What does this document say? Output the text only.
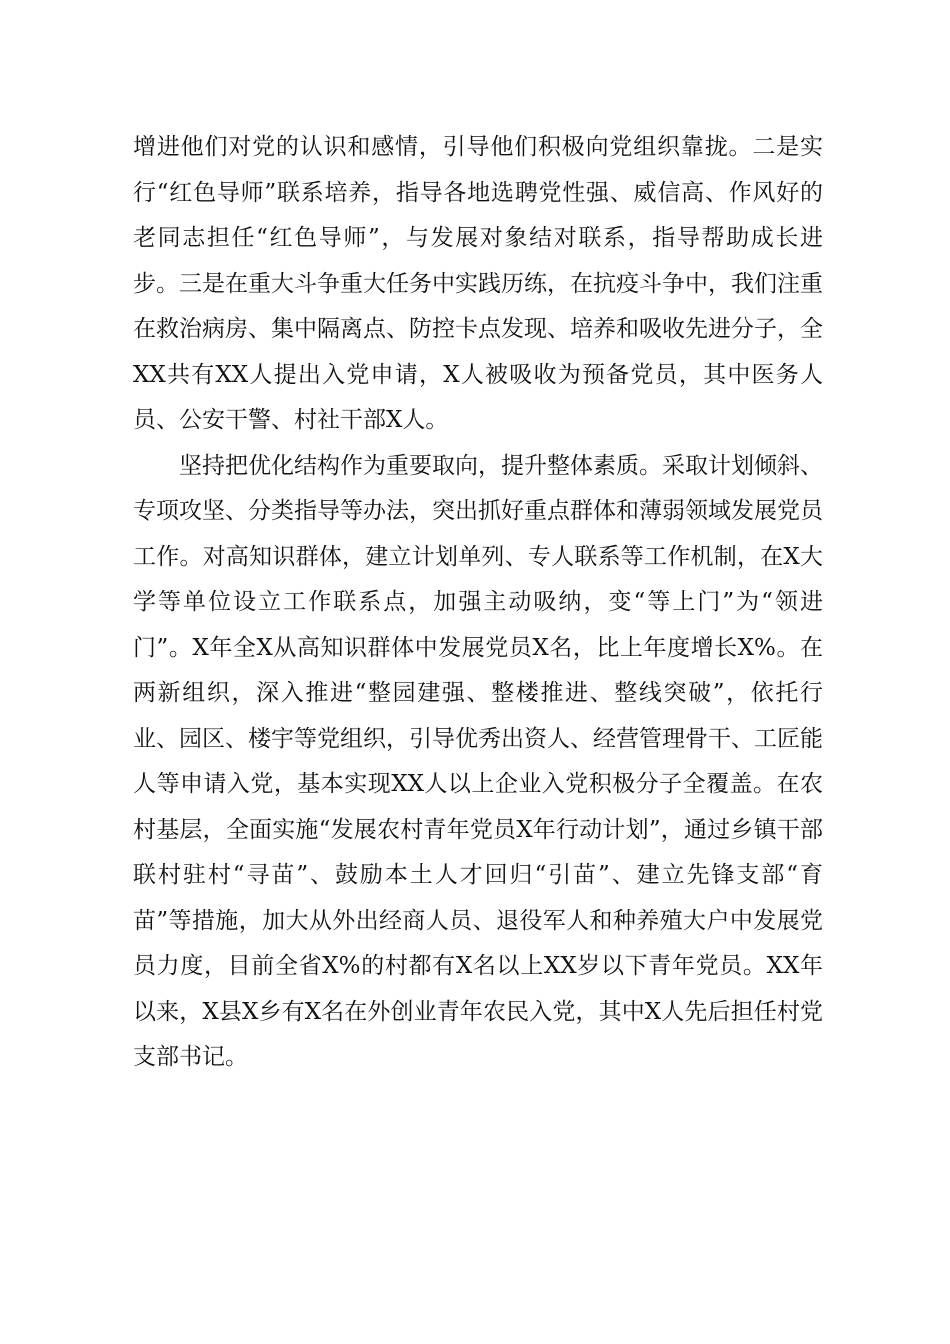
增进他们对党的认识和感情，引导他们积极向党组织靠拢。二是实行“红色导师”联系培养，指导各地选聘党性强、威信高、作风好的老同志担任“红色导师”，与发展对象结对联系，指导帮助成长进步。三是在重大斗争重大任务中实践历练，在抗疫斗争中，我们注重在救治病房、集中隔离点、防控卡点发现、培养和吸收先进分子，全XX共有XX人提出入党申请，X人被吸收为预备党员，其中医务人员、公安干警、村社干部X人。

坚持把优化结构作为重要取向，提升整体素质。采取计划倾斜、专项攻坚、分类指导等办法，突出抓好重点群体和薄弱领域发展党员工作。对高知识群体，建立计划单列、专人联系等工作机制，在X大学等单位设立工作联系点，加强主动吸纳，变“等上门”为“领进门”。X年全X从高知识群体中发展党员X名，比上年度增长X%。在两新组织，深入推进“整园建强、整楼推进、整线突破”，依托行业、园区、楼宇等党组织，引导优秀出资人、经营管理骨干、工匠能人等申请入党，基本实现XX人以上企业入党积极分子全覆盖。在农村基层，全面实施“发展农村青年党员X年行动计划”，通过乡镇干部联村驻村“寻苗”、鼓励本土人才回归“引苗”、建立先锋支部“育苗”等措施，加大从外出经商人员、退役军人和种养殖大户中发展党员力度，目前全省X%的村都有X名以上XX岁以下青年党员。XX年以来，X县X乡有X名在外创业青年农民入党，其中X人先后担任村党支部书记。
